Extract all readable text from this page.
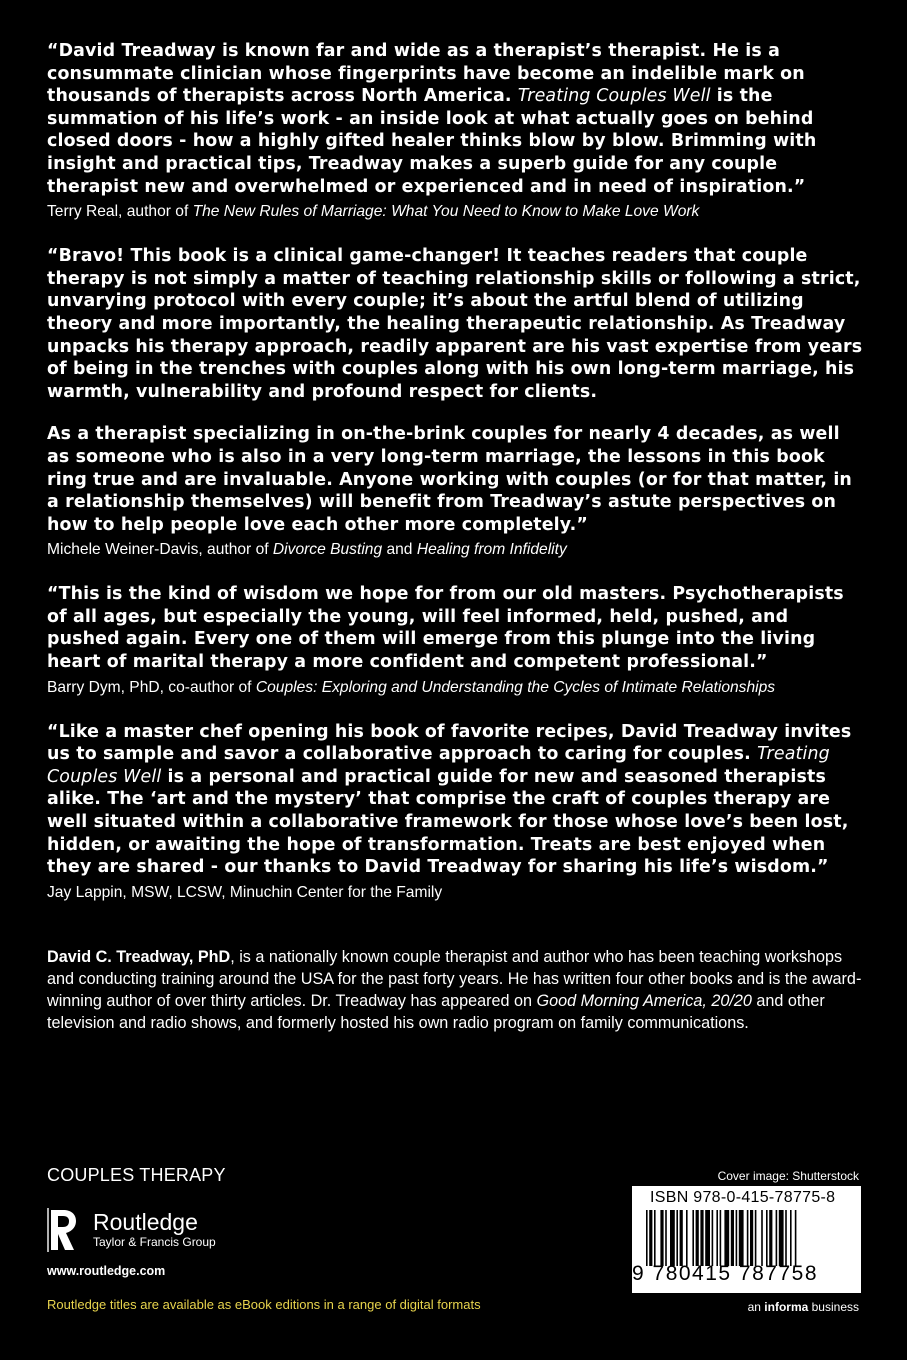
“David Treadway is known far and wide as a therapist’s therapist. He is a consummate clinician whose fingerprints have become an indelible mark on thousands of therapists across North America. Treating Couples Well is the summation of his life’s work - an inside look at what actually goes on behind closed doors - how a highly gifted healer thinks blow by blow. Brimming with insight and practical tips, Treadway makes a superb guide for any couple therapist new and overwhelmed or experienced and in need of inspiration.”

Terry Real, author of The New Rules of Marriage: What You Need to Know to Make Love Work

“Bravo! This book is a clinical game-changer! It teaches readers that couple therapy is not simply a matter of teaching relationship skills or following a strict, unvarying protocol with every couple; it’s about the artful blend of utilizing theory and more importantly, the healing therapeutic relationship. As Treadway unpacks his therapy approach, readily apparent are his vast expertise from years of being in the trenches with couples along with his own long-term marriage, his warmth, vulnerability and profound respect for clients.

As a therapist specializing in on-the-brink couples for nearly 4 decades, as well as someone who is also in a very long-term marriage, the lessons in this book ring true and are invaluable. Anyone working with couples (or for that matter, in a relationship themselves) will benefit from Treadway’s astute perspectives on how to help people love each other more completely.”

Michele Weiner-Davis, author of Divorce Busting and Healing from Infidelity

“This is the kind of wisdom we hope for from our old masters. Psychotherapists of all ages, but especially the young, will feel informed, held, pushed, and pushed again. Every one of them will emerge from this plunge into the living heart of marital therapy a more confident and competent professional.”

Barry Dym, PhD, co-author of Couples: Exploring and Understanding the Cycles of Intimate Relationships

“Like a master chef opening his book of favorite recipes, David Treadway invites us to sample and savor a collaborative approach to caring for couples. Treating Couples Well is a personal and practical guide for new and seasoned therapists alike. The ‘art and the mystery’ that comprise the craft of couples therapy are well situated within a collaborative framework for those whose love’s been lost, hidden, or awaiting the hope of transformation. Treats are best enjoyed when they are shared - our thanks to David Treadway for sharing his life’s wisdom.”

Jay Lappin, MSW, LCSW, Minuchin Center for the Family

David C. Treadway, PhD, is a nationally known couple therapist and author who has been teaching workshops and conducting training around the USA for the past forty years. He has written four other books and is the award-winning author of over thirty articles. Dr. Treadway has appeared on Good Morning America, 20/20 and other television and radio shows, and formerly hosted his own radio program on family communications.

COUPLES THERAPY
Routledge
Taylor & Francis Group
www.routledge.com
Routledge titles are available as eBook editions in a range of digital formats
Cover image: Shutterstock
ISBN 978-0-415-78775-8
9 780415 787758
an informa business
